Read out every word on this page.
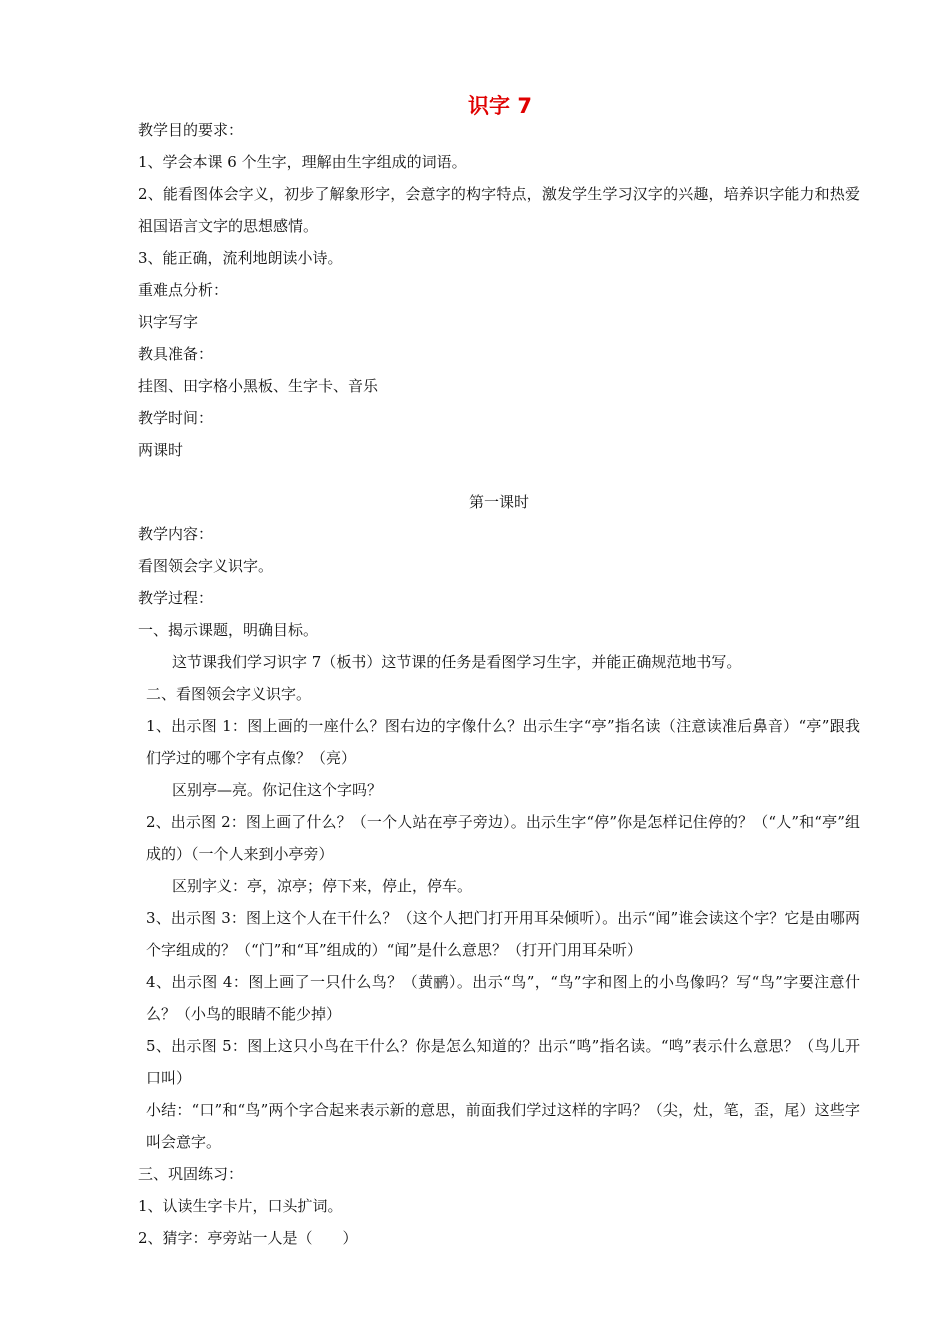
识字 7
教学目的要求：
1、学会本课 6 个生字，理解由生字组成的词语。
2、能看图体会字义，初步了解象形字，会意字的构字特点，激发学生学习汉字的兴趣，培养识字能力和热爱祖国语言文字的思想感情。
3、能正确，流利地朗读小诗。
重难点分析：
识字写字
教具准备：
挂图、田字格小黑板、生字卡、音乐
教学时间：
两课时
第一课时
教学内容：
看图领会字义识字。
教学过程：
一、揭示课题，明确目标。
这节课我们学习识字 7（板书）这节课的任务是看图学习生字，并能正确规范地书写。
二、看图领会字义识字。
1、出示图 1：图上画的一座什么？图右边的字像什么？出示生字“亭”指名读（注意读准后鼻音）“亭”跟我们学过的哪个字有点像？（亮）
区别亭—亮。你记住这个字吗？
2、出示图 2：图上画了什么？（一个人站在亭子旁边）。出示生字“停”你是怎样记住停的？（“人”和“亭”组成的）（一个人来到小亭旁）
区别字义：亭，凉亭；停下来，停止，停车。
3、出示图 3：图上这个人在干什么？（这个人把门打开用耳朵倾听）。出示“闻”谁会读这个字？它是由哪两个字组成的？（“门”和“耳”组成的）“闻”是什么意思？（打开门用耳朵听）
4、出示图 4：图上画了一只什么鸟？（黄鹂）。出示“鸟”，“鸟”字和图上的小鸟像吗？写“鸟”字要注意什么？（小鸟的眼睛不能少掉）
5、出示图 5：图上这只小鸟在干什么？你是怎么知道的？出示“鸣”指名读。“鸣”表示什么意思？（鸟儿开口叫）
小结：“口”和“鸟”两个字合起来表示新的意思，前面我们学过这样的字吗？（尖，灶，笔，歪，尾）这些字叫会意字。
三、巩固练习：
1、认读生字卡片，口头扩词。
2、猜字：亭旁站一人是（　　）
